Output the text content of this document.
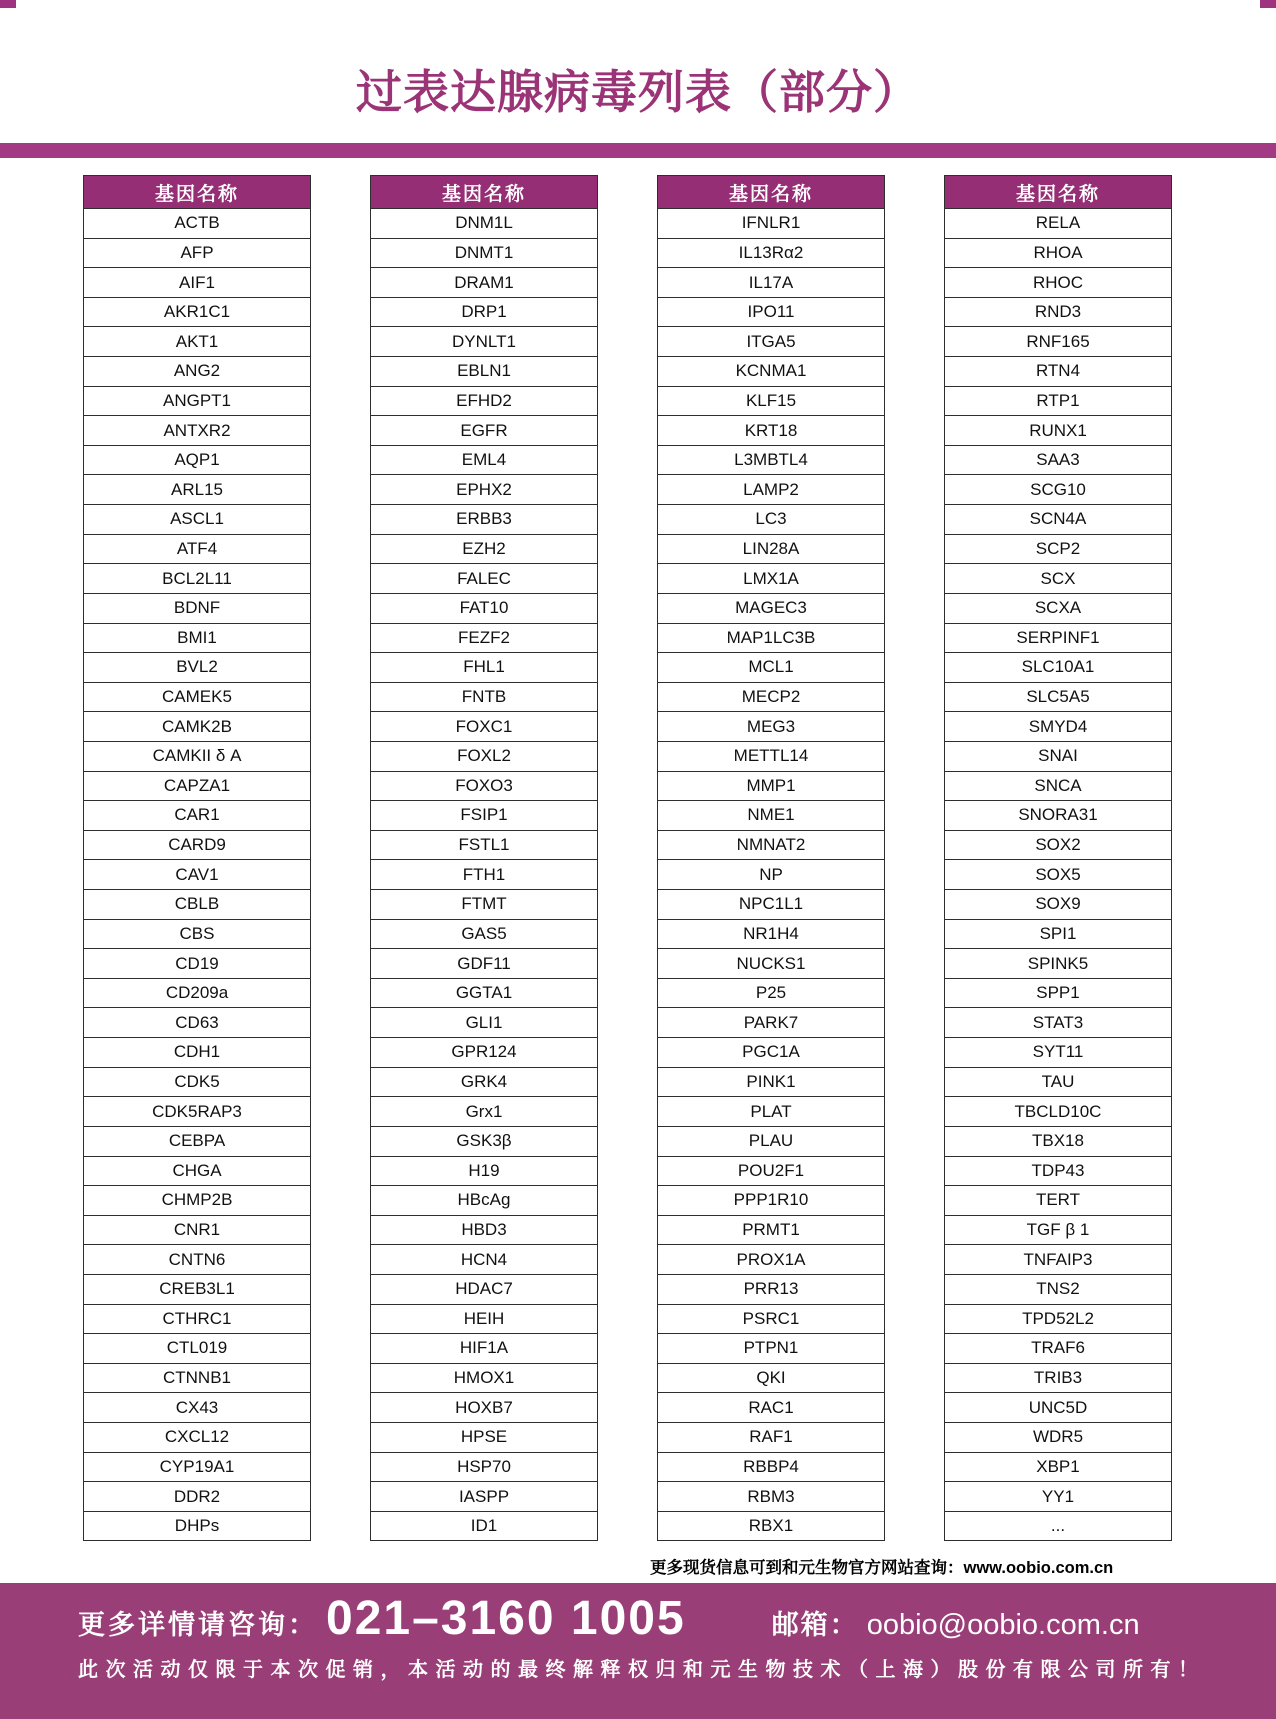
过表达腺病毒列表（部分）
基因名称
ACTB
AFP
AIF1
AKR1C1
AKT1
ANG2
ANGPT1
ANTXR2
AQP1
ARL15
ASCL1
ATF4
BCL2L11
BDNF
BMI1
BVL2
CAMEK5
CAMK2B
CAMKII δ A
CAPZA1
CAR1
CARD9
CAV1
CBLB
CBS
CD19
CD209a
CD63
CDH1
CDK5
CDK5RAP3
CEBPA
CHGA
CHMP2B
CNR1
CNTN6
CREB3L1
CTHRC1
CTL019
CTNNB1
CX43
CXCL12
CYP19A1
DDR2
DHPs
基因名称
DNM1L
DNMT1
DRAM1
DRP1
DYNLT1
EBLN1
EFHD2
EGFR
EML4
EPHX2
ERBB3
EZH2
FALEC
FAT10
FEZF2
FHL1
FNTB
FOXC1
FOXL2
FOXO3
FSIP1
FSTL1
FTH1
FTMT
GAS5
GDF11
GGTA1
GLI1
GPR124
GRK4
Grx1
GSK3β
H19
HBcAg
HBD3
HCN4
HDAC7
HEIH
HIF1A
HMOX1
HOXB7
HPSE
HSP70
IASPP
ID1
基因名称
IFNLR1
IL13Rα2
IL17A
IPO11
ITGA5
KCNMA1
KLF15
KRT18
L3MBTL4
LAMP2
LC3
LIN28A
LMX1A
MAGEC3
MAP1LC3B
MCL1
MECP2
MEG3
METTL14
MMP1
NME1
NMNAT2
NP
NPC1L1
NR1H4
NUCKS1
P25
PARK7
PGC1A
PINK1
PLAT
PLAU
POU2F1
PPP1R10
PRMT1
PROX1A
PRR13
PSRC1
PTPN1
QKI
RAC1
RAF1
RBBP4
RBM3
RBX1
基因名称
RELA
RHOA
RHOC
RND3
RNF165
RTN4
RTP1
RUNX1
SAA3
SCG10
SCN4A
SCP2
SCX
SCXA
SERPINF1
SLC10A1
SLC5A5
SMYD4
SNAI
SNCA
SNORA31
SOX2
SOX5
SOX9
SPI1
SPINK5
SPP1
STAT3
SYT11
TAU
TBCLD10C
TBX18
TDP43
TERT
TGF β 1
TNFAIP3
TNS2
TPD52L2
TRAF6
TRIB3
UNC5D
WDR5
XBP1
YY1
...
更多现货信息可到和元生物官方网站查询：www.oobio.com.cn
更多详情请咨询： 021–3160 1005	邮箱： oobio@oobio.com.cn
此次活动仅限于本次促销，本活动的最终解释权归和元生物技术（上海）股份有限公司所有！
